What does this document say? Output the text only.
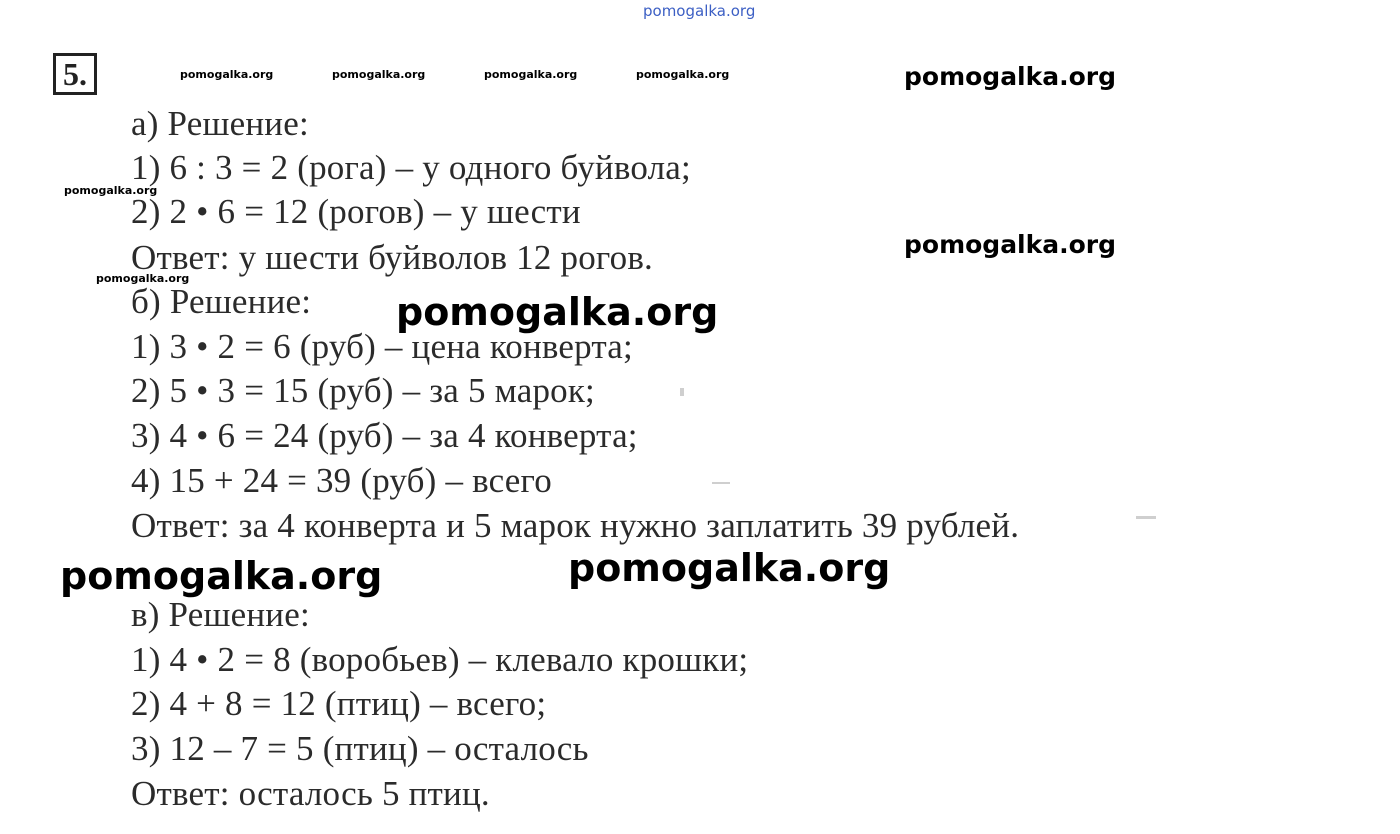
pomogalka.org
5.	pomogalka.org	pomogalka.org	pomogalka.org	pomogalka.org
pomogalka.org
pomogalka.org
pomogalka.org
pomogalka.org
а) Решение:
1) 6 : 3 = 2 (рога) – у одного буйвола;
2) 2 • 6 = 12 (рогов) – у шести
Ответ: у шести буйволов 12 рогов.
б) Решение:
1) 3 • 2 = 6 (руб) – цена конверта;
2) 5 • 3 = 15 (руб) – за 5 марок;
3) 4 • 6 = 24 (руб) – за 4 конверта;
4) 15 + 24 = 39 (руб) – всего
Ответ: за 4 конверта и 5 марок нужно заплатить 39 рублей.
в) Решение:
1) 4 • 2 = 8 (воробьев) – клевало крошки;
2) 4 + 8 = 12 (птиц) – всего;
3) 12 – 7 = 5 (птиц) – осталось
Ответ: осталось 5 птиц.
pomogalka.org
pomogalka.org	pomogalka.org
